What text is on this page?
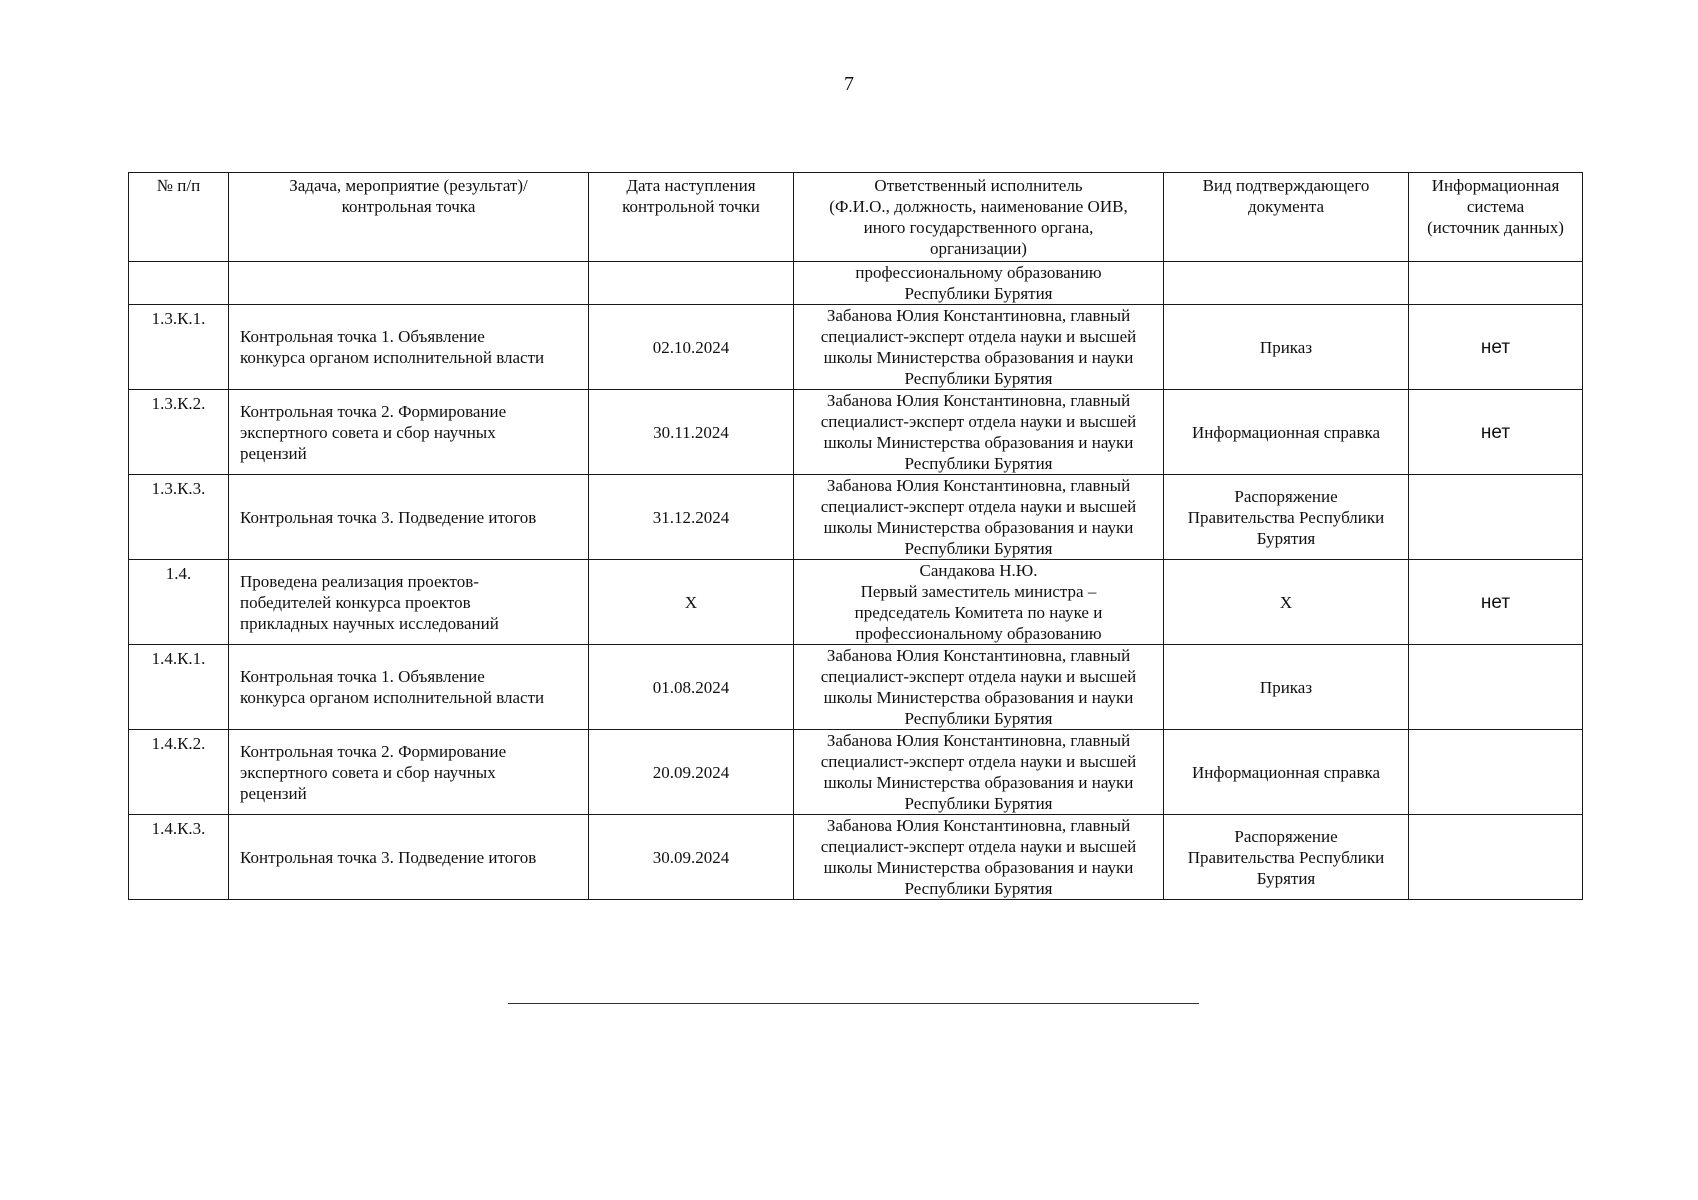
7
№ п/п	Задача, мероприятие (результат)/
контрольная точка	Дата наступления
контрольной точки	Ответственный исполнитель
(Ф.И.О., должность, наименование ОИВ,
иного государственного органа,
организации)	Вид подтверждающего
документа	Информационная
система
(источник данных)
			профессиональному образованию
Республики Бурятия		
1.3.К.1.	Контрольная точка 1. Объявление
конкурса органом исполнительной власти	02.10.2024	Забанова Юлия Константиновна, главный
специалист-эксперт отдела науки и высшей
школы Министерства образования и науки
Республики Бурятия	Приказ	нет
1.3.К.2.	Контрольная точка 2. Формирование
экспертного совета и сбор научных
рецензий	30.11.2024	Забанова Юлия Константиновна, главный
специалист-эксперт отдела науки и высшей
школы Министерства образования и науки
Республики Бурятия	Информационная справка	нет
1.3.К.3.	Контрольная точка 3. Подведение итогов	31.12.2024	Забанова Юлия Константиновна, главный
специалист-эксперт отдела науки и высшей
школы Министерства образования и науки
Республики Бурятия	Распоряжение
Правительства Республики
Бурятия	
1.4.	Проведена реализация проектов-
победителей конкурса проектов
прикладных научных исследований	Х	Сандакова Н.Ю.
Первый заместитель министра –
председатель Комитета по науке и
профессиональному образованию	Х	нет
1.4.К.1.	Контрольная точка 1. Объявление
конкурса органом исполнительной власти	01.08.2024	Забанова Юлия Константиновна, главный
специалист-эксперт отдела науки и высшей
школы Министерства образования и науки
Республики Бурятия	Приказ	
1.4.К.2.	Контрольная точка 2. Формирование
экспертного совета и сбор научных
рецензий	20.09.2024	Забанова Юлия Константиновна, главный
специалист-эксперт отдела науки и высшей
школы Министерства образования и науки
Республики Бурятия	Информационная справка	
1.4.К.3.	Контрольная точка 3. Подведение итогов	30.09.2024	Забанова Юлия Константиновна, главный
специалист-эксперт отдела науки и высшей
школы Министерства образования и науки
Республики Бурятия	Распоряжение
Правительства Республики
Бурятия	
